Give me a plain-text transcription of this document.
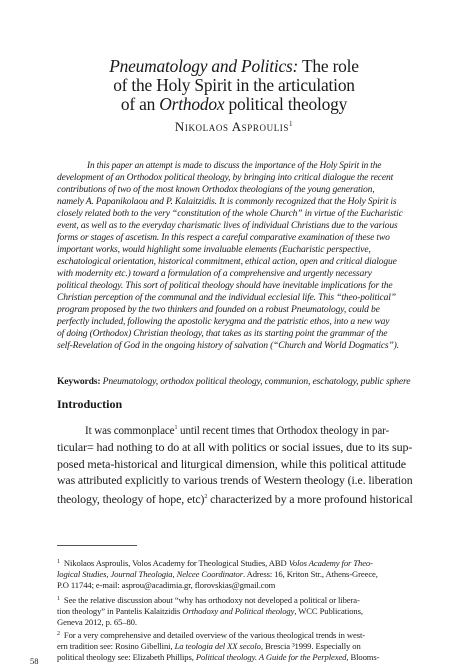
Pneumatology and Politics: The role
of the Holy Spirit in the articulation
of an Orthodox political theology
Nikolaos Asproulis$^1$
In this paper an attempt is made to discuss the importance of the Holy Spirit in the
development of an Orthodox political theology, by bringing into critical dialogue the recent
contributions of two of the most known Orthodox theologians of the young generation,
namely A. Papanikolaou and P. Kalaitzidis. It is commonly recognized that the Holy Spirit is
closely related both to the very “constitution of the whole Church” in virtue of the Eucharistic
event, as well as to the everyday charismatic lives of individual Christians due to the various
forms or stages of ascetism. In this respect a careful comparative examination of these two
important works, would highlight some invaluable elements (Eucharistic perspective,
eschatological orientation, historical commitment, ethical action, open and critical dialogue
with modernity etc.) toward a formulation of a comprehensive and urgently necessary
political theology. This sort of political theology should have inevitable implications for the
Christian perception of the communal and the individual ecclesial life. This “theo-political”
program proposed by the two thinkers and founded on a robust Pneumatology, could be
perfectly included, following the apostolic kerygma and the patristic ethos, into a new way
of doing (Orthodox) Christian theology, that takes as its starting point the grammar of the
self-Revelation of God in the ongoing history of salvation (“Church and World Dogmatics”).
Keywords: Pneumatology, orthodox political theology, communion, eschatology, public sphere
Introduction
It was commonplace$^1$ until recent times that Orthodox theology in par-
ticular= had nothing to do at all with politics or social issues, due to its sup-
posed meta-historical and liturgical dimension, while this political attitude
was attributed explicitly to various trends of Western theology (i.e. liberation
theology, theology of hope, etc)$^2$ characterized by a more profound historical
$^1$ Nikolaos Asproulis, Volos Academy for Theological Studies, ABD Volos Academy for Theo-
logical Studies, Journal Theologia, Nelcee Coordinator. Adress: 16, Kriton Str., Athens-Greece,
P.O 11744; e-mail: asprou@acadimia.gr, florovskias@gmail.com
$^1$ See the relative discussion about “why has orthodoxy not developed a political or libera-
tion theology” in Pantelis Kalaitzidis Orthodoxy and Political theology, WCC Publications,
Geneva 2012, p. 65–80.
$^2$ For a very comprehensive and detailed overview of the various theological trends in west-
ern tradition see: Rosino Gibellini, La teologia del XX secolo, Brescia ³1999. Especially on
political theology see: Elizabeth Phillips, Political theology. A Guide for the Perplexed, Blooms-
58
